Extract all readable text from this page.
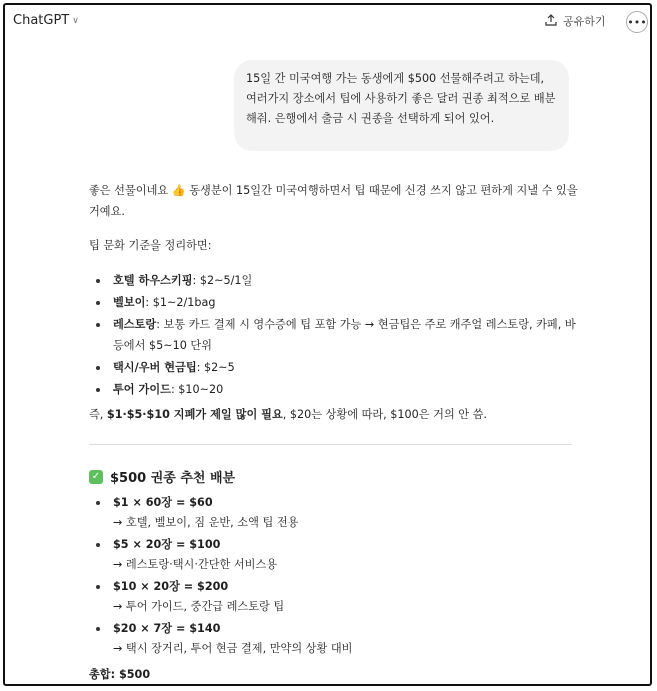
ChatGPT ∨	공유하기 •••
15일 간 미국여행 가는 동생에게 $500 선물해주려고 하는데, 여러가지 장소에서 팁에 사용하기 좋은 달러 권종 최적으로 배분해줘. 은행에서 출금 시 권종을 선택하게 되어 있어.

좋은 선물이네요 👍 동생분이 15일간 미국여행하면서 팁 때문에 신경 쓰지 않고 편하게 지낼 수 있을 거예요.

팁 문화 기준을 정리하면:

호텔 하우스키핑: $2~5/1일
벨보이: $1~2/1bag
레스토랑: 보통 카드 결제 시 영수증에 팁 포함 가능 → 현금팁은 주로 캐주얼 레스토랑, 카페, 바 등에서 $5~10 단위
택시/우버 현금팁: $2~5
투어 가이드: $10~20

즉, $1·$5·$10 지폐가 제일 많이 필요, $20는 상황에 따라, $100은 거의 안 씀.

✓ $500 권종 추천 배분
$1 × 60장 = $60
→ 호텔, 벨보이, 짐 운반, 소액 팁 전용
$5 × 20장 = $100
→ 레스토랑·택시·간단한 서비스용
$10 × 20장 = $200
→ 투어 가이드, 중간급 레스토랑 팁
$20 × 7장 = $140
→ 택시 장거리, 투어 현금 결제, 만약의 상황 대비
총합: $500
